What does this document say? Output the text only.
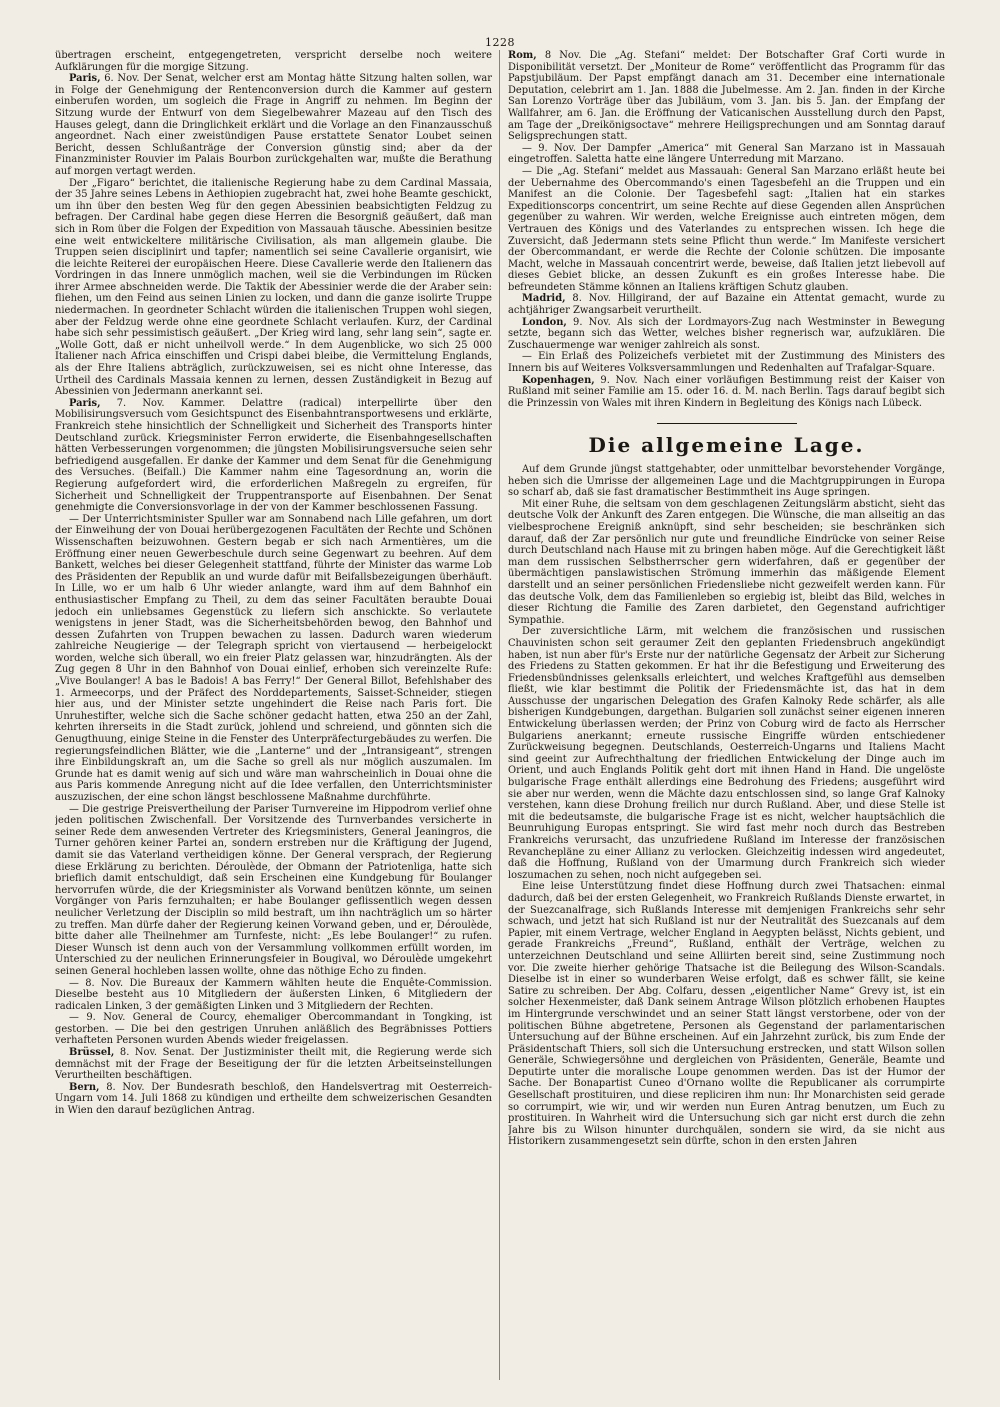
1228

übertragen erscheint, entgegengetreten, verspricht derselbe noch weitere Aufklärungen für die morgige Sitzung.

Paris, 6. Nov. Der Senat, welcher erst am Montag hätte Sitzung halten sollen, war in Folge der Genehmigung der Rentenconversion durch die Kammer auf gestern einberufen worden, um sogleich die Frage in Angriff zu nehmen. Im Beginn der Sitzung wurde der Entwurf von dem Siegelbewahrer Mazeau auf den Tisch des Hauses gelegt, dann die Dringlichkeit erklärt und die Vorlage an den Finanzausschuß angeordnet. Nach einer zweistündigen Pause erstattete Senator Loubet seinen Bericht, dessen Schlußanträge der Conversion günstig sind; aber da der Finanzminister Rouvier im Palais Bourbon zurückgehalten war, mußte die Berathung auf morgen vertagt werden.

Der „Figaro“ berichtet, die italienische Regierung habe zu dem Cardinal Massaia, der 35 Jahre seines Lebens in Aethiopien zugebracht hat, zwei hohe Beamte geschickt, um ihn über den besten Weg für den gegen Abessinien beabsichtigten Feldzug zu befragen. Der Cardinal habe gegen diese Herren die Besorgniß geäußert, daß man sich in Rom über die Folgen der Expedition von Massauah täusche. Abessinien besitze eine weit entwickeltere militärische Civilisation, als man allgemein glaube. Die Truppen seien disciplinirt und tapfer; namentlich sei seine Cavallerie organisirt, wie die leichte Reiterei der europäischen Heere. Diese Cavallerie werde den Italienern das Vordringen in das Innere unmöglich machen, weil sie die Verbindungen im Rücken ihrer Armee abschneiden werde. Die Taktik der Abessinier werde die der Araber sein: fliehen, um den Feind aus seinen Linien zu locken, und dann die ganze isolirte Truppe niedermachen. In geordneter Schlacht würden die italienischen Truppen wohl siegen, aber der Feldzug werde ohne eine geordnete Schlacht verlaufen. Kurz, der Cardinal habe sich sehr pessimistisch geäußert. „Der Krieg wird lang, sehr lang sein“, sagte er. „Wolle Gott, daß er nicht unheilvoll werde.“ In dem Augenblicke, wo sich 25 000 Italiener nach Africa einschiffen und Crispi dabei bleibe, die Vermittelung Englands, als der Ehre Italiens abträglich, zurückzuweisen, sei es nicht ohne Interesse, das Urtheil des Cardinals Massaia kennen zu lernen, dessen Zuständigkeit in Bezug auf Abessinien von Jedermann anerkannt sei.

Paris, 7. Nov. Kammer. Delattre (radical) interpellirte über den Mobilisirungsversuch vom Gesichtspunct des Eisenbahntransportwesens und erklärte, Frankreich stehe hinsichtlich der Schnelligkeit und Sicherheit des Transports hinter Deutschland zurück. Kriegsminister Ferron erwiderte, die Eisenbahngesellschaften hätten Verbesserungen vorgenommen; die jüngsten Mobilisirungsversuche seien sehr befriedigend ausgefallen. Er danke der Kammer und dem Senat für die Genehmigung des Versuches. (Beifall.) Die Kammer nahm eine Tagesordnung an, worin die Regierung aufgefordert wird, die erforderlichen Maßregeln zu ergreifen, für Sicherheit und Schnelligkeit der Truppentransporte auf Eisenbahnen. Der Senat genehmigte die Conversionsvorlage in der von der Kammer beschlossenen Fassung.

— Der Unterrichtsminister Spuller war am Sonnabend nach Lille gefahren, um dort der Einweihung der von Douai herübergezogenen Facultäten der Rechte und Schönen Wissenschaften beizuwohnen. Gestern begab er sich nach Armentières, um die Eröffnung einer neuen Gewerbeschule durch seine Gegenwart zu beehren. Auf dem Bankett, welches bei dieser Gelegenheit stattfand, führte der Minister das warme Lob des Präsidenten der Republik an und wurde dafür mit Beifallsbezeigungen überhäuft. In Lille, wo er um halb 6 Uhr wieder anlangte, ward ihm auf dem Bahnhof ein enthusiastischer Empfang zu Theil, zu dem das seiner Facultäten beraubte Douai jedoch ein unliebsames Gegenstück zu liefern sich anschickte. So verlautete wenigstens in jener Stadt, was die Sicherheitsbehörden bewog, den Bahnhof und dessen Zufahrten von Truppen bewachen zu lassen. Dadurch waren wiederum zahlreiche Neugierige — der Telegraph spricht von viertausend — herbeigelockt worden, welche sich überall, wo ein freier Platz gelassen war, hinzudrängten. Als der Zug gegen 8 Uhr in den Bahnhof von Douai einlief, erhoben sich vereinzelte Rufe: „Vive Boulanger! A bas le Badois! A bas Ferry!“ Der General Billot, Befehlshaber des 1. Armeecorps, und der Präfect des Norddepartements, Saisset-Schneider, stiegen hier aus, und der Minister setzte ungehindert die Reise nach Paris fort. Die Unruhestifter, welche sich die Sache schöner gedacht hatten, etwa 250 an der Zahl, kehrten ihrerseits in die Stadt zurück, johlend und schreiend, und gönnten sich die Genugthuung, einige Steine in die Fenster des Unterpräfecturgebäudes zu werfen. Die regierungsfeindlichen Blätter, wie die „Lanterne“ und der „Intransigeant“, strengen ihre Einbildungskraft an, um die Sache so grell als nur möglich auszumalen. Im Grunde hat es damit wenig auf sich und wäre man wahrscheinlich in Douai ohne die aus Paris kommende Anregung nicht auf die Idee verfallen, den Unterrichtsminister auszuzischen, der eine schon längst beschlossene Maßnahme durchführte.

— Die gestrige Preisvertheilung der Pariser Turnvereine im Hippodrom verlief ohne jeden politischen Zwischenfall. Der Vorsitzende des Turnverbandes versicherte in seiner Rede dem anwesenden Vertreter des Kriegsministers, General Jeaningros, die Turner gehören keiner Partei an, sondern erstreben nur die Kräftigung der Jugend, damit sie das Vaterland vertheidigen könne. Der General versprach, der Regierung diese Erklärung zu berichten. Déroulède, der Obmann der Patriotenliga, hatte sich brieflich damit entschuldigt, daß sein Erscheinen eine Kundgebung für Boulanger hervorrufen würde, die der Kriegsminister als Vorwand benützen könnte, um seinen Vorgänger von Paris fernzuhalten; er habe Boulanger geflissentlich wegen dessen neulicher Verletzung der Disciplin so mild bestraft, um ihn nachträglich um so härter zu treffen. Man dürfe daher der Regierung keinen Vorwand geben, und er, Déroulède, bitte daher alle Theilnehmer am Turnfeste, nicht: „Es lebe Boulanger!“ zu rufen. Dieser Wunsch ist denn auch von der Versammlung vollkommen erfüllt worden, im Unterschied zu der neulichen Erinnerungsfeier in Bougival, wo Déroulède umgekehrt seinen General hochleben lassen wollte, ohne das nöthige Echo zu finden.

— 8. Nov. Die Bureaux der Kammern wählten heute die Enquête-Commission. Dieselbe besteht aus 10 Mitgliedern der äußersten Linken, 6 Mitgliedern der radicalen Linken, 3 der gemäßigten Linken und 3 Mitgliedern der Rechten.

— 9. Nov. General de Courcy, ehemaliger Obercommandant in Tongking, ist gestorben. — Die bei den gestrigen Unruhen anläßlich des Begräbnisses Pottiers verhafteten Personen wurden Abends wieder freigelassen.

Brüssel, 8. Nov. Senat. Der Justizminister theilt mit, die Regierung werde sich demnächst mit der Frage der Beseitigung der für die letzten Arbeitseinstellungen Verurtheilten beschäftigen.

Bern, 8. Nov. Der Bundesrath beschloß, den Handelsvertrag mit Oesterreich-Ungarn vom 14. Juli 1868 zu kündigen und ertheilte dem schweizerischen Gesandten in Wien den darauf bezüglichen Antrag.

Rom, 8 Nov. Die „Ag. Stefani“ meldet: Der Botschafter Graf Corti wurde in Disponibilität versetzt. Der „Moniteur de Rome“ veröffentlicht das Programm für das Papstjubiläum. Der Papst empfängt danach am 31. December eine internationale Deputation, celebrirt am 1. Jan. 1888 die Jubelmesse. Am 2. Jan. finden in der Kirche San Lorenzo Vorträge über das Jubiläum, vom 3. Jan. bis 5. Jan. der Empfang der Wallfahrer, am 6. Jan. die Eröffnung der Vaticanischen Ausstellung durch den Papst, am Tage der „Dreikönigsoctave“ mehrere Heiligsprechungen und am Sonntag darauf Seligsprechungen statt.

— 9. Nov. Der Dampfer „America“ mit General San Marzano ist in Massauah eingetroffen. Saletta hatte eine längere Unterredung mit Marzano.

— Die „Ag. Stefani“ meldet aus Massauah: General San Marzano erläßt heute bei der Uebernahme des Obercommando's einen Tagesbefehl an die Truppen und ein Manifest an die Colonie. Der Tagesbefehl sagt: „Italien hat ein starkes Expeditionscorps concentrirt, um seine Rechte auf diese Gegenden allen Ansprüchen gegenüber zu wahren. Wir werden, welche Ereignisse auch eintreten mögen, dem Vertrauen des Königs und des Vaterlandes zu entsprechen wissen. Ich hege die Zuversicht, daß Jedermann stets seine Pflicht thun werde.“ Im Manifeste versichert der Obercommandant, er werde die Rechte der Colonie schützen. Die imposante Macht, welche in Massauah concentrirt werde, beweise, daß Italien jetzt liebevoll auf dieses Gebiet blicke, an dessen Zukunft es ein großes Interesse habe. Die befreundeten Stämme können an Italiens kräftigen Schutz glauben.

Madrid, 8. Nov. Hillgirand, der auf Bazaine ein Attentat gemacht, wurde zu achtjähriger Zwangsarbeit verurtheilt.

London, 9. Nov. Als sich der Lordmayors-Zug nach Westminster in Bewegung setzte, begann sich das Wetter, welches bisher regnerisch war, aufzuklären. Die Zuschauermenge war weniger zahlreich als sonst.

— Ein Erlaß des Polizeichefs verbietet mit der Zustimmung des Ministers des Innern bis auf Weiteres Volksversammlungen und Redenhalten auf Trafalgar-Square.

Kopenhagen, 9. Nov. Nach einer vorläufigen Bestimmung reist der Kaiser von Rußland mit seiner Familie am 15. oder 16. d. M. nach Berlin. Tags darauf begibt sich die Prinzessin von Wales mit ihren Kindern in Begleitung des Königs nach Lübeck.

Die allgemeine Lage.

Auf dem Grunde jüngst stattgehabter, oder unmittelbar bevorstehender Vorgänge, heben sich die Umrisse der allgemeinen Lage und die Machtgruppirungen in Europa so scharf ab, daß sie fast dramatischer Bestimmtheit ins Auge springen.

Mit einer Ruhe, die seltsam von dem geschlagenen Zeitungslärm absticht, sieht das deutsche Volk der Ankunft des Zaren entgegen. Die Wünsche, die man allseitig an das vielbesprochene Ereigniß anknüpft, sind sehr bescheiden; sie beschränken sich darauf, daß der Zar persönlich nur gute und freundliche Eindrücke von seiner Reise durch Deutschland nach Hause mit zu bringen haben möge. Auf die Gerechtigkeit läßt man dem russischen Selbstherrscher gern widerfahren, daß er gegenüber der übermächtigen panslawistischen Strömung immerhin das mäßigende Element darstellt und an seiner persönlichen Friedensliebe nicht gezweifelt werden kann. Für das deutsche Volk, dem das Familienleben so ergiebig ist, bleibt das Bild, welches in dieser Richtung die Familie des Zaren darbietet, den Gegenstand aufrichtiger Sympathie.

Der zuversichtliche Lärm, mit welchem die französischen und russischen Chauvinisten schon seit geraumer Zeit den geplanten Friedensbruch angekündigt haben, ist nun aber für's Erste nur der natürliche Gegensatz der Arbeit zur Sicherung des Friedens zu Statten gekommen. Er hat ihr die Befestigung und Erweiterung des Friedensbündnisses gelenksalls erleichtert, und welches Kraftgefühl aus demselben fließt, wie klar bestimmt die Politik der Friedensmächte ist, das hat in dem Ausschusse der ungarischen Delegation des Grafen Kalnoky Rede schärfer, als alle bisherigen Kundgebungen, dargethan. Bulgarien soll zunächst seiner eigenen inneren Entwickelung überlassen werden; der Prinz von Coburg wird de facto als Herrscher Bulgariens anerkannt; erneute russische Eingriffe würden entschiedener Zurückweisung begegnen. Deutschlands, Oesterreich-Ungarns und Italiens Macht sind geeint zur Aufrechthaltung der friedlichen Entwickelung der Dinge auch im Orient, und auch Englands Politik geht dort mit ihnen Hand in Hand. Die ungelöste bulgarische Frage enthält allerdings eine Bedrohung des Friedens; ausgeführt wird sie aber nur werden, wenn die Mächte dazu entschlossen sind, so lange Graf Kalnoky verstehen, kann diese Drohung freilich nur durch Rußland. Aber, und diese Stelle ist mit die bedeutsamste, die bulgarische Frage ist es nicht, welcher hauptsächlich die Beunruhigung Europas entspringt. Sie wird fast mehr noch durch das Bestreben Frankreichs verursacht, das unzufriedene Rußland im Interesse der französischen Revanchepläne zu einer Allianz zu verlocken. Gleichzeitig indessen wird angedeutet, daß die Hoffnung, Rußland von der Umarmung durch Frankreich sich wieder loszumachen zu sehen, noch nicht aufgegeben sei.

Eine leise Unterstützung findet diese Hoffnung durch zwei Thatsachen: einmal dadurch, daß bei der ersten Gelegenheit, wo Frankreich Rußlands Dienste erwartet, in der Suezcanalfrage, sich Rußlands Interesse mit demjenigen Frankreichs sehr sehr schwach, und jetzt hat sich Rußland ist nur der Neutralität des Suezcanals auf dem Papier, mit einem Vertrage, welcher England in Aegypten belässt, Nichts gebient, und gerade Frankreichs „Freund“, Rußland, enthält der Verträge, welchen zu unterzeichnen Deutschland und seine Alliirten bereit sind, seine Zustimmung noch vor. Die zweite hierher gehörige Thatsache ist die Beilegung des Wilson-Scandals. Dieselbe ist in einer so wunderbaren Weise erfolgt, daß es schwer fällt, sie keine Satire zu schreiben. Der Abg. Colfaru, dessen „eigentlicher Name“ Grevy ist, ist ein solcher Hexenmeister, daß Dank seinem Antrage Wilson plötzlich erhobenen Hauptes im Hintergrunde verschwindet und an seiner Statt längst verstorbene, oder von der politischen Bühne abgetretene, Personen als Gegenstand der parlamentarischen Untersuchung auf der Bühne erscheinen. Auf ein Jahrzehnt zurück, bis zum Ende der Präsidentschaft Thiers, soll sich die Untersuchung erstrecken, und statt Wilson sollen Generäle, Schwiegersöhne und dergleichen von Präsidenten, Generäle, Beamte und Deputirte unter die moralische Loupe genommen werden. Das ist der Humor der Sache. Der Bonapartist Cuneo d'Ornano wollte die Republicaner als corrumpirte Gesellschaft prostituiren, und diese repliciren ihm nun: Ihr Monarchisten seid gerade so corrumpirt, wie wir, und wir werden nun Euren Antrag benutzen, um Euch zu prostituiren. In Wahrheit wird die Untersuchung sich gar nicht erst durch die zehn Jahre bis zu Wilson hinunter durchquälen, sondern sie wird, da sie nicht aus Historikern zusammengesetzt sein dürfte, schon in den ersten Jahren
